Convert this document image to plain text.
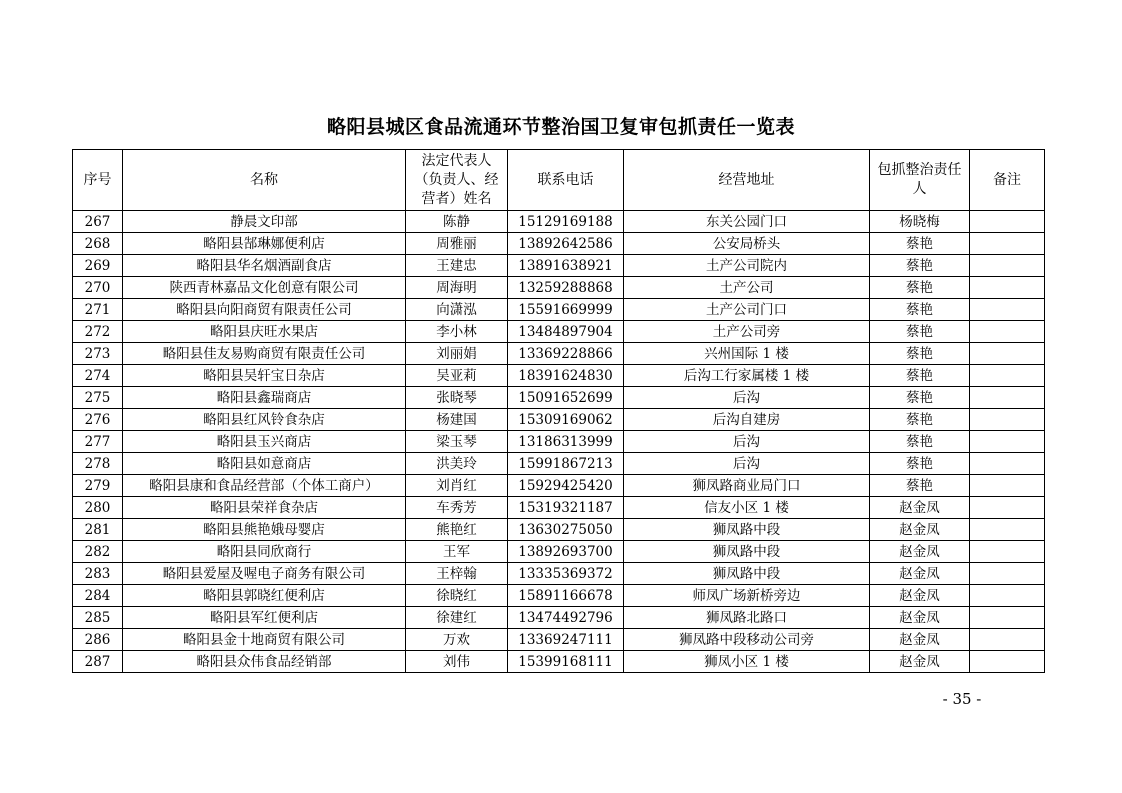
略阳县城区食品流通环节整治国卫复审包抓责任一览表
序号	名称	法定代表人（负责人、经营者）姓名	联系电话	经营地址	包抓整治责任人	备注
267	静晨文印部	陈静	15129169188	东关公园门口	杨晓梅	
268	略阳县郜琳娜便利店	周雅丽	13892642586	公安局桥头	蔡艳	
269	略阳县华名烟酒副食店	王建忠	13891638921	土产公司院内	蔡艳	
270	陕西青林嘉品文化创意有限公司	周海明	13259288868	土产公司	蔡艳	
271	略阳县向阳商贸有限责任公司	向潇泓	15591669999	土产公司门口	蔡艳	
272	略阳县庆旺水果店	李小林	13484897904	土产公司旁	蔡艳	
273	略阳县佳友易购商贸有限责任公司	刘丽娟	13369228866	兴州国际 1 楼	蔡艳	
274	略阳县吴轩宝日杂店	吴亚莉	18391624830	后沟工行家属楼 1 楼	蔡艳	
275	略阳县鑫瑞商店	张晓琴	15091652699	后沟	蔡艳	
276	略阳县红风铃食杂店	杨建国	15309169062	后沟自建房	蔡艳	
277	略阳县玉兴商店	梁玉琴	13186313999	后沟	蔡艳	
278	略阳县如意商店	洪美玲	15991867213	后沟	蔡艳	
279	略阳县康和食品经营部（个体工商户）	刘肖红	15929425420	狮凤路商业局门口	蔡艳	
280	略阳县荣祥食杂店	车秀芳	15319321187	信友小区 1 楼	赵金凤	
281	略阳县熊艳娥母婴店	熊艳红	13630275050	狮凤路中段	赵金凤	
282	略阳县同欣商行	王军	13892693700	狮凤路中段	赵金凤	
283	略阳县爱屋及喔电子商务有限公司	王梓翰	13335369372	狮凤路中段	赵金凤	
284	略阳县郭晓红便利店	徐晓红	15891166678	师凤广场新桥旁边	赵金凤	
285	略阳县军红便利店	徐建红	13474492796	狮凤路北路口	赵金凤	
286	略阳县金十地商贸有限公司	万欢	13369247111	狮凤路中段移动公司旁	赵金凤	
287	略阳县众伟食品经销部	刘伟	15399168111	狮凤小区 1 楼	赵金凤	
- 35 -
